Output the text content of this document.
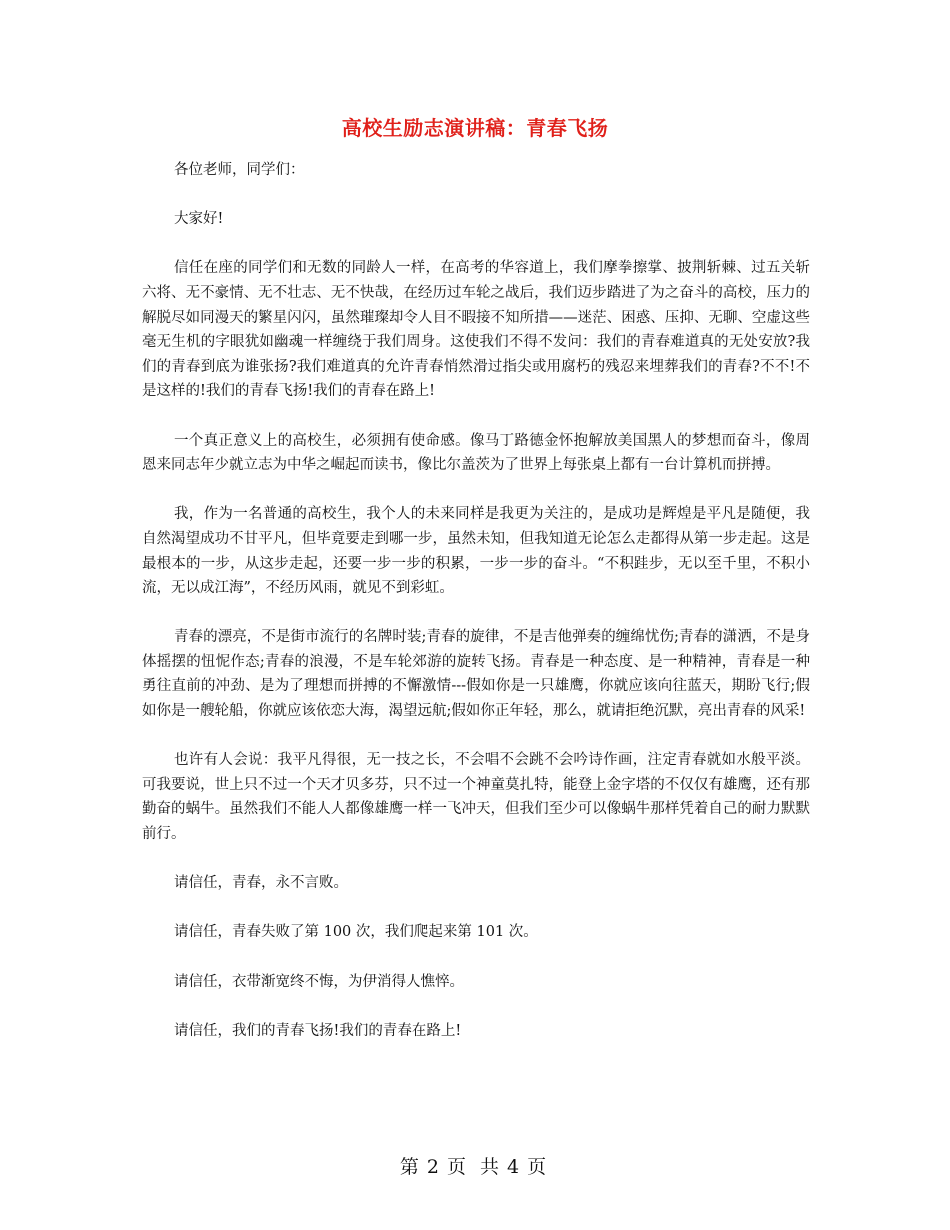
高校生励志演讲稿：青春飞扬

各位老师，同学们：

大家好!

信任在座的同学们和无数的同龄人一样，在高考的华容道上，我们摩拳擦掌、披荆斩棘、过五关斩六将、无不豪情、无不壮志、无不快哉，在经历过车轮之战后，我们迈步踏进了为之奋斗的高校，压力的解脱尽如同漫天的繁星闪闪，虽然璀璨却令人目不暇接不知所措——迷茫、困惑、压抑、无聊、空虚这些毫无生机的字眼犹如幽魂一样缠绕于我们周身。这使我们不得不发问：我们的青春难道真的无处安放?我们的青春到底为谁张扬?我们难道真的允许青春悄然滑过指尖或用腐朽的残忍来埋葬我们的青春?不不!不是这样的!我们的青春飞扬!我们的青春在路上!

一个真正意义上的高校生，必须拥有使命感。像马丁路德金怀抱解放美国黑人的梦想而奋斗，像周恩来同志年少就立志为中华之崛起而读书，像比尔盖茨为了世界上每张桌上都有一台计算机而拼搏。

我，作为一名普通的高校生，我个人的未来同样是我更为关注的，是成功是辉煌是平凡是随便，我自然渴望成功不甘平凡，但毕竟要走到哪一步，虽然未知，但我知道无论怎么走都得从第一步走起。这是最根本的一步，从这步走起，还要一步一步的积累，一步一步的奋斗。“不积跬步，无以至千里，不积小流，无以成江海”，不经历风雨，就见不到彩虹。

青春的漂亮，不是街市流行的名牌时装;青春的旋律，不是吉他弹奏的缠绵忧伤;青春的潇洒，不是身体摇摆的忸怩作态;青春的浪漫，不是车轮郊游的旋转飞扬。青春是一种态度、是一种精神，青春是一种勇往直前的冲劲、是为了理想而拼搏的不懈激情---假如你是一只雄鹰，你就应该向往蓝天，期盼飞行;假如你是一艘轮船，你就应该依恋大海，渴望远航;假如你正年轻，那么，就请拒绝沉默，亮出青春的风采!

也许有人会说：我平凡得很，无一技之长，不会唱不会跳不会吟诗作画，注定青春就如水般平淡。可我要说，世上只不过一个天才贝多芬，只不过一个神童莫扎特，能登上金字塔的不仅仅有雄鹰，还有那勤奋的蜗牛。虽然我们不能人人都像雄鹰一样一飞冲天，但我们至少可以像蜗牛那样凭着自己的耐力默默前行。

请信任，青春，永不言败。

请信任，青春失败了第 100 次，我们爬起来第 101 次。

请信任，衣带渐宽终不悔，为伊消得人憔悴。

请信任，我们的青春飞扬!我们的青春在路上!

第 2 页 共 4 页
